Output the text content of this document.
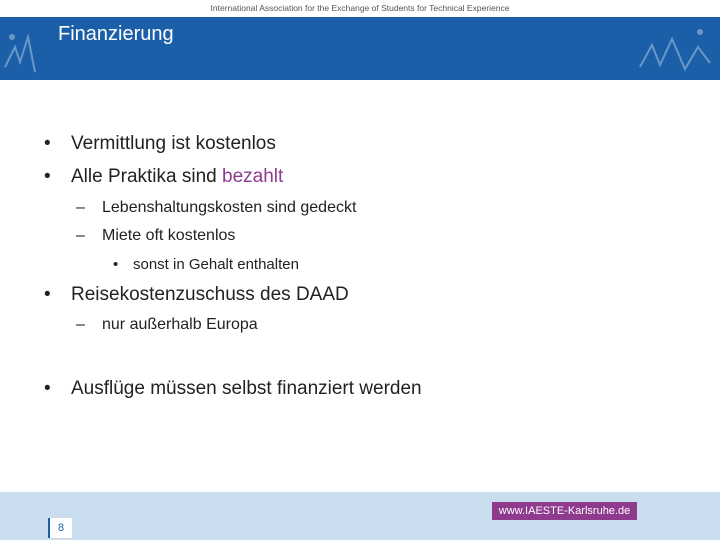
International Association for the Exchange of Students for Technical Experience
Finanzierung
• Vermittlung ist kostenlos
• Alle Praktika sind bezahlt
– Lebenshaltungskosten sind gedeckt
– Miete oft kostenlos
• sonst in Gehalt enthalten
• Reisekostenzuschuss des DAAD
– nur außerhalb Europa
• Ausflüge müssen selbst finanziert werden
www.IAESTE-Karlsruhe.de
8
